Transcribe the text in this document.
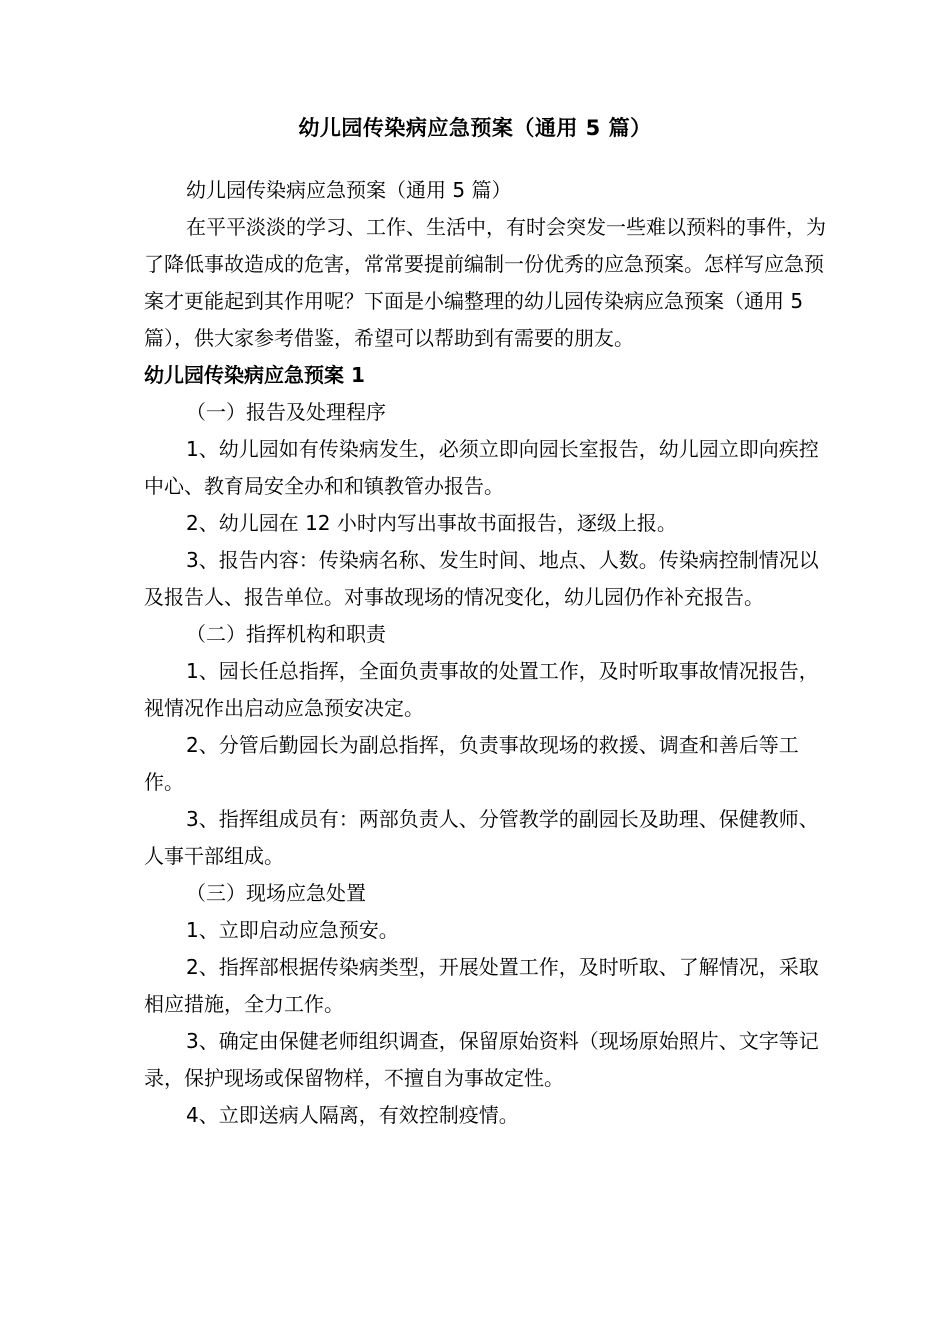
幼儿园传染病应急预案（通用 5 篇）

幼儿园传染病应急预案（通用 5 篇）

在平平淡淡的学习、工作、生活中，有时会突发一些难以预料的事件，为了降低事故造成的危害，常常要提前编制一份优秀的应急预案。怎样写应急预案才更能起到其作用呢？下面是小编整理的幼儿园传染病应急预案（通用 5 篇），供大家参考借鉴，希望可以帮助到有需要的朋友。

幼儿园传染病应急预案 1

（一）报告及处理程序

1、幼儿园如有传染病发生，必须立即向园长室报告，幼儿园立即向疾控中心、教育局安全办和和镇教管办报告。

2、幼儿园在 12 小时内写出事故书面报告，逐级上报。

3、报告内容：传染病名称、发生时间、地点、人数。传染病控制情况以及报告人、报告单位。对事故现场的情况变化，幼儿园仍作补充报告。

（二）指挥机构和职责

1、园长任总指挥，全面负责事故的处置工作，及时听取事故情况报告，视情况作出启动应急预安决定。

2、分管后勤园长为副总指挥，负责事故现场的救援、调查和善后等工作。

3、指挥组成员有：两部负责人、分管教学的副园长及助理、保健教师、人事干部组成。

（三）现场应急处置

1、立即启动应急预安。

2、指挥部根据传染病类型，开展处置工作，及时听取、了解情况，采取相应措施，全力工作。

3、确定由保健老师组织调查，保留原始资料（现场原始照片、文字等记录，保护现场或保留物样，不擅自为事故定性。

4、立即送病人隔离，有效控制疫情。
